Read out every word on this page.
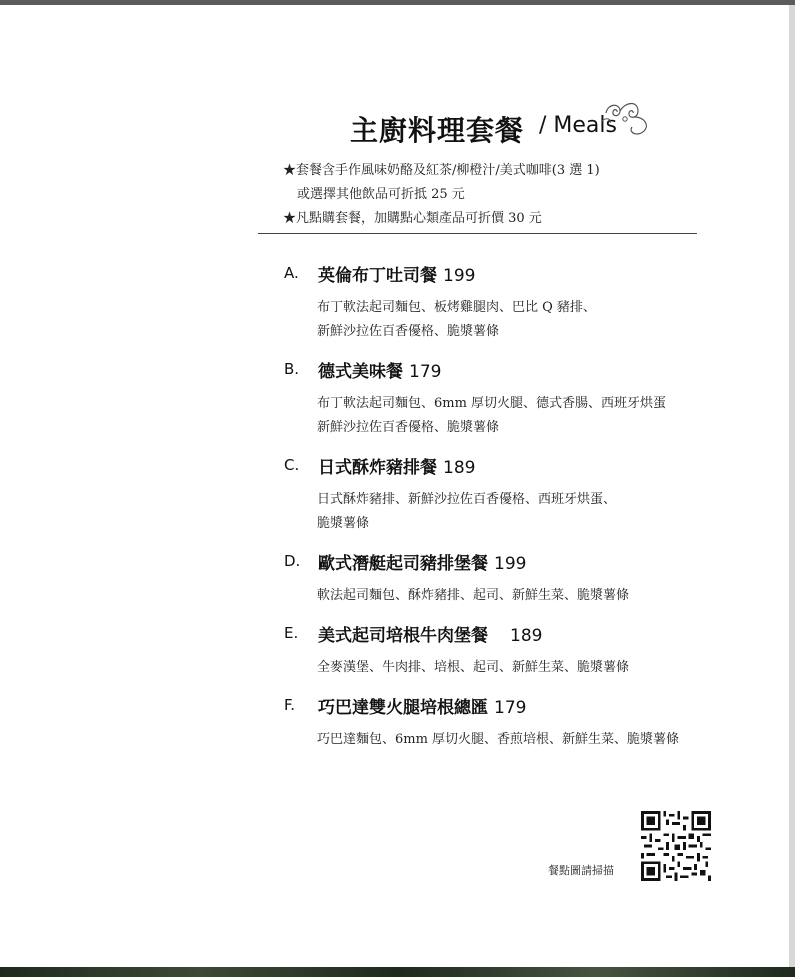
主廚料理套餐 / Meals
★套餐含手作風味奶酪及紅茶/柳橙汁/美式咖啡(3 選 1)
或選擇其他飲品可折抵 25 元
★凡點購套餐，加購點心類產品可折價 30 元
A. 英倫布丁吐司餐 199
布丁軟法起司麵包、板烤雞腿肉、巴比 Q 豬排、
新鮮沙拉佐百香優格、脆漿薯條
B. 德式美味餐 179
布丁軟法起司麵包、6mm 厚切火腿、德式香腸、西班牙烘蛋
新鮮沙拉佐百香優格、脆漿薯條
C. 日式酥炸豬排餐 189
日式酥炸豬排、新鮮沙拉佐百香優格、西班牙烘蛋、
脆漿薯條
D. 歐式潛艇起司豬排堡餐 199
軟法起司麵包、酥炸豬排、起司、新鮮生菜、脆漿薯條
E. 美式起司培根牛肉堡餐 189
全麥漢堡、牛肉排、培根、起司、新鮮生菜、脆漿薯條
F. 巧巴達雙火腿培根總匯 179
巧巴達麵包、6mm 厚切火腿、香煎培根、新鮮生菜、脆漿薯條
餐點圖請掃描
